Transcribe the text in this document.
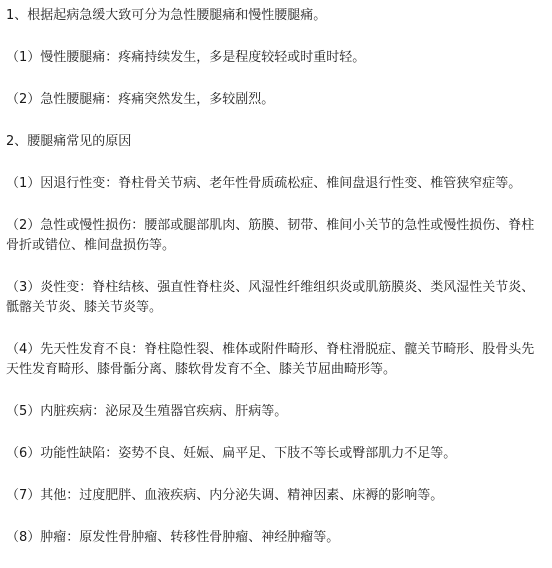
1、根据起病急缓大致可分为急性腰腿痛和慢性腰腿痛。

（1）慢性腰腿痛：疼痛持续发生，多是程度较轻或时重时轻。

（2）急性腰腿痛：疼痛突然发生，多较剧烈。

2、腰腿痛常见的原因

（1）因退行性变：脊柱骨关节病、老年性骨质疏松症、椎间盘退行性变、椎管狭窄症等。

（2）急性或慢性损伤：腰部或腿部肌肉、筋膜、韧带、椎间小关节的急性或慢性损伤、脊柱骨折或错位、椎间盘损伤等。

（3）炎性变：脊柱结核、强直性脊柱炎、风湿性纤维组织炎或肌筋膜炎、类风湿性关节炎、骶髂关节炎、膝关节炎等。

（4）先天性发育不良：脊柱隐性裂、椎体或附件畸形、脊柱滑脱症、髋关节畸形、股骨头先天性发育畸形、膝骨骺分离、膝软骨发育不全、膝关节屈曲畸形等。

（5）内脏疾病：泌尿及生殖器官疾病、肝病等。

（6）功能性缺陷：姿势不良、妊娠、扁平足、下肢不等长或臀部肌力不足等。

（7）其他：过度肥胖、血液疾病、内分泌失调、精神因素、床褥的影响等。

（8）肿瘤：原发性骨肿瘤、转移性骨肿瘤、神经肿瘤等。
